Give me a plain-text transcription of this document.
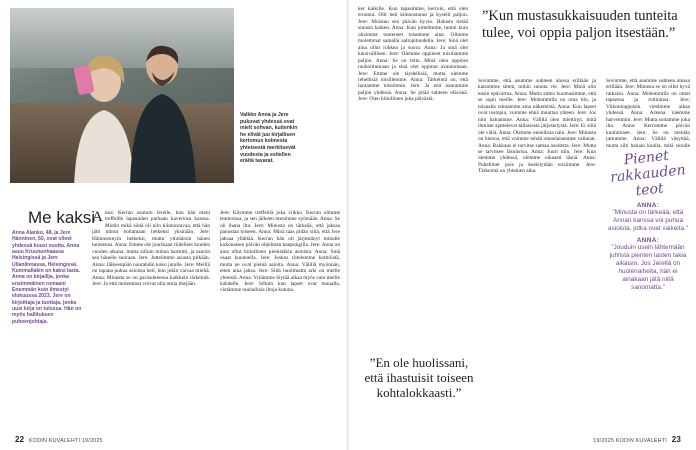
Valkko Anna ja Jere pukuvat yhdessä ovat mielt sohvan, kuitenkin he elivät juu kirjallisen kertomus kolmesta yhteisestä merkitsevät vuodesta ja esitellen eräitä tavarat.
Me kaksi

Anna Alanko, 48, ja Jere Hänninen, 50, ovat olleet yhdessä kuusi vuotta. Anna asuu Kruununhaassa Helsingissä ja Jere Ullanlinnassa, Helsingissä. Kummallakin on kaksi lasta. Anna on kirjailija, jonka ensimmäinen romaani Enemmän kuin ilmestyi elokuussa 2023. Jere on kirjoittaja ja tuottaja, jonka uusi kirja on tulossa. Hän on myös hallituksen puheenjohtaja.

A nna: Kerran suutuin Jerelle, kun hän meni treffeille lapsuuden parhaan kaverinsa kanssa. Mietin mikä siinä oli niin kiinnostavaa, että hän jätti minut hoitamaan hetkeksi yksinään. Jere: Hämmennyin hetkeksi, mutta ymmärsin hänen tunteensa. Anna: Emme ole juurikaan riidelleet kuuden vuoden aikana, mutta silloin minua harmitti, ja sanoin sen hänelle suoraan. Jere: Juttelimme asiasta pitkään. Anna: Jälkeenpäin naurahdin koko jutulle. Jere: Meillä on tapana puhua asioista heti, kun jokin vaivaa mieltä. Anna: Minusta se on parisuhteessa kaikkein tärkeintä. Jere: Ja että molemmat voivat olla omia itsejään.

Jere: Käymme treffeillä joka viikko. Kerran olimme teatterissa, ja sen jälkeen menimme syömään. Anna: Se oli ihana ilta. Jere: Minusta on tärkeää, että jaksaa panostaa toiseen. Anna: Minä taas pidän siitä, että Jere jaksaa yllättää. Kerran hän oli järjestänyt minulle kokonaisen päivän ohjelman kaupungilla. Jere: Anna on aina ollut kiitollinen pienistäkin asioista. Anna: Sinä osaat kuunnella. Jere: Joskus riitelemme kotitöistä, mutta ne ovat pieniä asioita. Anna: Välillä myönnän, etten aina jaksa. Jere: Siitä huolimatta arki on meille yhteistä. Anna: Yritämme löytää aikaa myös vain meille kahdelle. Jere: Silloin kun lapset ovat muualla, vietämme rauhallisia iltoja kotona.

22 KODIN KUVALEHTI 19/2025

ker kaikille. Kun tapasimme, kerroin, että olen eronnut. Olit heti kiinnostunut ja kyselit paljon. Jere: Muistan sen päivän hyvin. Halusin tietää sinusta kaiken. Anna: Kun juttelimme, tuntui kuin olisimme tunteneet toisemme aina. Olimme molemmat samalla aaltopituudella. Jere: Sinä olet aina ollut rohkea ja suora. Anna: Ja sinä olet kärsivällinen. Jere: Olemme oppineet toisiltamme paljon. Anna: Se on totta. Minä olen oppinut rauhoittumaan ja sinä olet oppinut avautumaan. Jere: Emme ole täydellisiä, mutta olemme rehellisiä toisillemme. Anna: Tärkeintä on, että luotamme toisiimme. Jere: Ja että nauramme paljon yhdessä. Anna: Se pitää suhteen elävänä. Jere: Olen kiitollinen joka päivästä.

”En ole huolissani, että ihastuisit toiseen kohtalokkaasti.”
”Kun mustasukkaisuuden tunteita tulee, voi oppia paljon itsestään.”

Sovimme, että asumme suhteen alussa erillään ja katsomme sitten, mihin suunta vie. Jere: Minä olin ensin epävarma. Anna: Mutta sitten huomasimme, että se sopii meille. Jere: Molemmilla on oma tila, ja toisaalta odotamme aina näkemistä. Anna: Kun lapset ovat isompia, voimme ehkä muuttaa yhteen. Jere: Jos niin haluamme. Anna: Välillä olen miettinyt, mitä ihmiset ajattelevat tällaisesta järjestelystä. Jere: Ei sillä ole väliä. Anna: Olemme onnellisia näin. Jere: Minusta on hienoa, että voimme tehdä omanlaisemme valinnat. Anna: Rakkaus ei tarvitse samaa osoitetta. Jere: Mutta se tarvitsee läsnäoloa. Anna: Juuri niin. Jere: Kun olemme yhdessä, olemme oikeasti läsnä. Anna: Puhelimet pois ja keskitytään toisiimme. Jere: Tärkeintä on yhteinen aika.

Sovimme, että asumme suhteen alussa erillään. Jere: Minusta se on ollut hyvä ratkaisu. Anna: Molemmilla on omat lapsensa ja rutiininsa. Jere: Viikonloppuisin vietämme aikaa yhdessä. Anna: Arkena näemme harvemmin. Jere: Mutta soitamme joka ilta. Anna: Kerromme päivän kuulumiset. Jere: Se on meidän juttumme. Anna: Välillä väsyttää, mutta silti haluan kuulla, mitä sinulle

Pienet rakkauden teot
ANNA:
”Minusta on tärkeää, että Annan kanssa voi puhua asioista, jotka ovat vaikeita.”
ANNA:
”Jouduin usein lähtemään juhlista pienten lasten takia aikaisin. Jos Jerellä on huolenaiheita, hän ei ainakaan jätä niitä sanomatta.”
19/2025 KODIN KUVALEHTI 23
